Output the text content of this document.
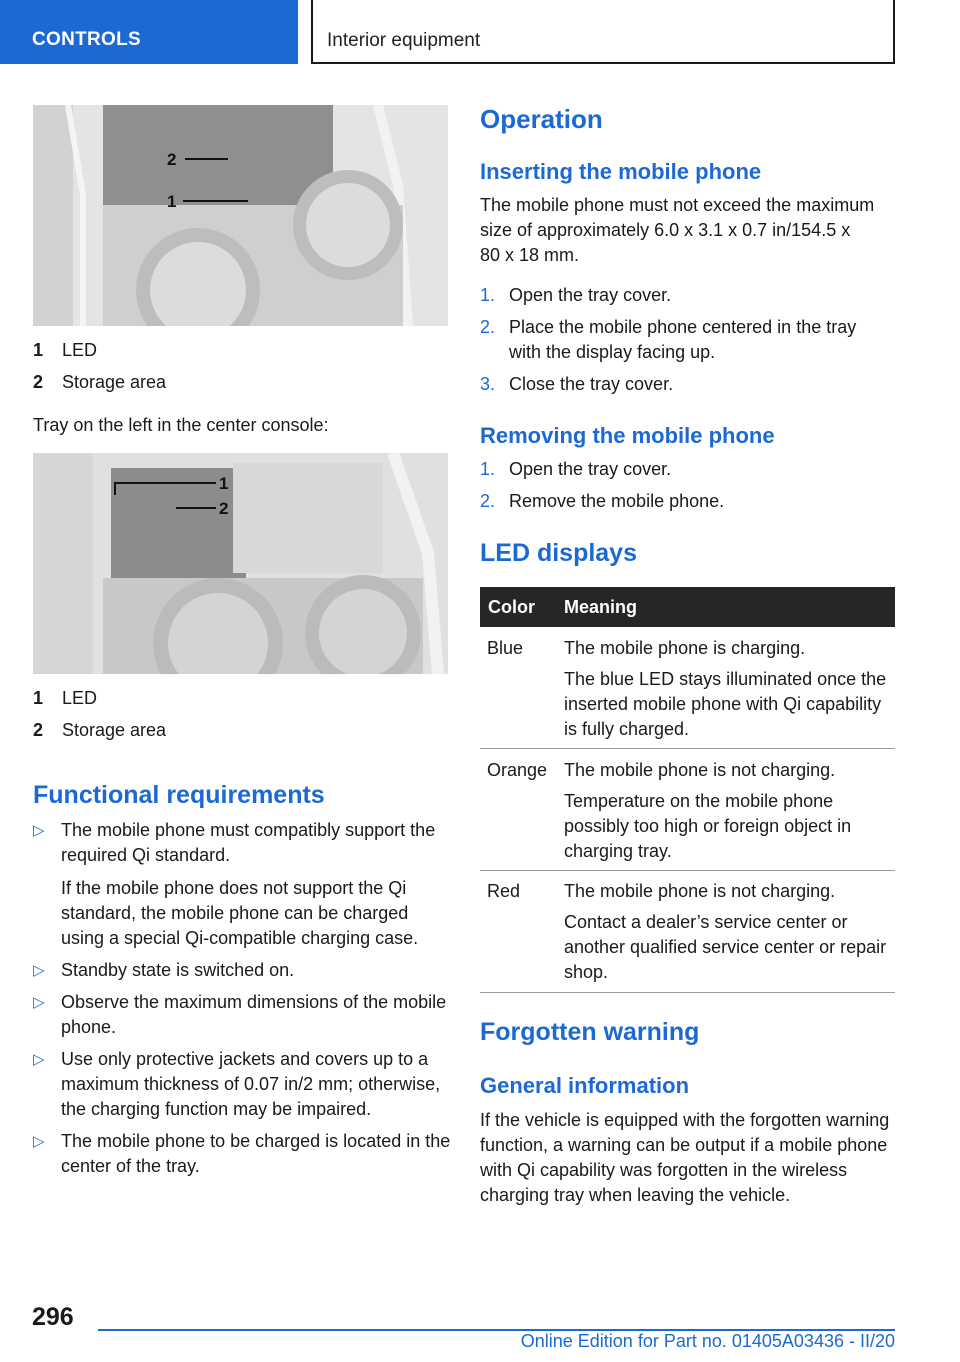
CONTROLS	Interior equipment
2
1
1 LED
2 Storage area
Tray on the left in the center console:
1
2
1 LED
2 Storage area
Functional requirements
▷ The mobile phone must compatibly support the required Qi standard.
If the mobile phone does not support the Qi standard, the mobile phone can be charged using a special Qi-compatible charging case.
▷ Standby state is switched on.
▷ Observe the maximum dimensions of the mobile phone.
▷ Use only protective jackets and covers up to a maximum thickness of 0.07 in/2 mm; otherwise, the charging function may be impaired.
▷ The mobile phone to be charged is located in the center of the tray.
Operation
Inserting the mobile phone
The mobile phone must not exceed the maximum size of approximately 6.0 x 3.1 x 0.7 in/154.5 x 80 x 18 mm.
1. Open the tray cover.
2. Place the mobile phone centered in the tray with the display facing up.
3. Close the tray cover.
Removing the mobile phone
1. Open the tray cover.
2. Remove the mobile phone.
LED displays
Color Meaning
Blue The mobile phone is charging.
The blue LED stays illuminated once the inserted mobile phone with Qi capability is fully charged.
Orange The mobile phone is not charging.
Temperature on the mobile phone possibly too high or foreign object in charging tray.
Red The mobile phone is not charging.
Contact a dealer’s service center or another qualified service center or repair shop.
Forgotten warning
General information
If the vehicle is equipped with the forgotten warning function, a warning can be output if a mobile phone with Qi capability was forgotten in the wireless charging tray when leaving the vehicle.
296
Online Edition for Part no. 01405A03436 - II/20
